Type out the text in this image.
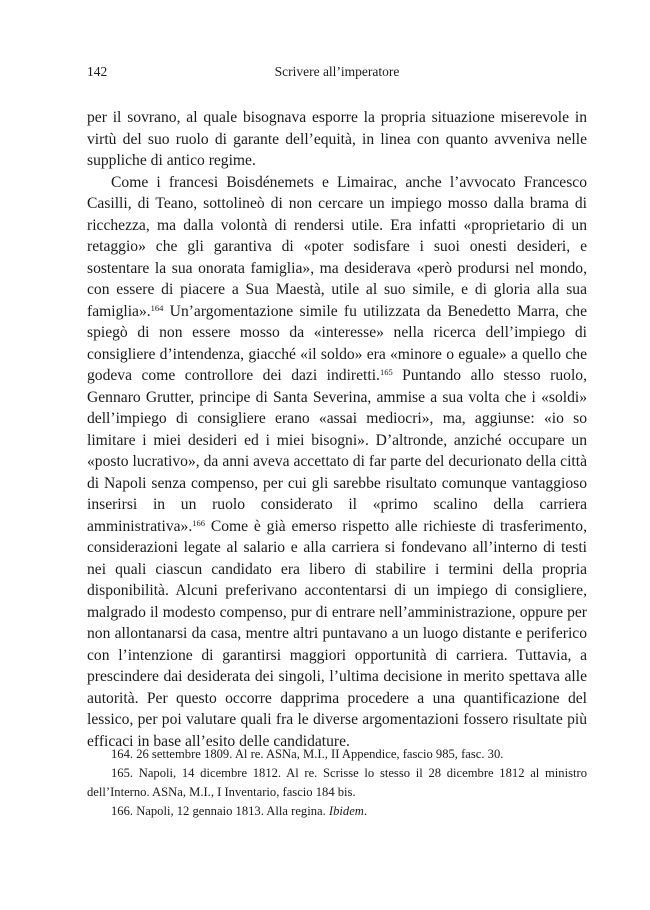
142	Scrivere all’imperatore

per il sovrano, al quale bisognava esporre la propria situazione miserevole in virtù del suo ruolo di garante dell’equità, in linea con quanto avveniva nelle suppliche di antico regime.

Come i francesi Boisdénemets e Limairac, anche l’avvocato Francesco Casilli, di Teano, sottolineò di non cercare un impiego mosso dalla brama di ricchezza, ma dalla volontà di rendersi utile. Era infatti «proprietario di un retaggio» che gli garantiva di «poter sodisfare i suoi onesti desideri, e sostentare la sua onorata famiglia», ma desiderava «però prodursi nel mondo, con essere di piacere a Sua Maestà, utile al suo simile, e di gloria alla sua famiglia».$^{164}$ Un’argomentazione simile fu utilizzata da Benedetto Marra, che spiegò di non essere mosso da «interesse» nella ricerca dell’impiego di consigliere d’intendenza, giacché «il soldo» era «minore o eguale» a quello che godeva come controllore dei dazi indiretti.$^{165}$ Puntando allo stesso ruolo, Gennaro Grutter, principe di Santa Severina, ammise a sua volta che i «soldi» dell’impiego di consigliere erano «assai mediocri», ma, aggiunse: «io so limitare i miei desideri ed i miei bisogni». D’altronde, anziché occupare un «posto lucrativo», da anni aveva accettato di far parte del decurionato della città di Napoli senza compenso, per cui gli sarebbe risultato comunque vantaggioso inserirsi in un ruolo considerato il «primo scalino della carriera amministrativa».$^{166}$ Come è già emerso rispetto alle richieste di trasferimento, considerazioni legate al salario e alla carriera si fondevano all’interno di testi nei quali ciascun candidato era libero di stabilire i termini della propria disponibilità. Alcuni preferivano accontentarsi di un impiego di consigliere, malgrado il modesto compenso, pur di entrare nell’amministrazione, oppure per non allontanarsi da casa, mentre altri puntavano a un luogo distante e periferico con l’intenzione di garantirsi maggiori opportunità di carriera. Tuttavia, a prescindere dai desiderata dei singoli, l’ultima decisione in merito spettava alle autorità. Per questo occorre dapprima procedere a una quantificazione del lessico, per poi valutare quali fra le diverse argomentazioni fossero risultate più efficaci in base all’esito delle candidature.

164. 26 settembre 1809. Al re. ASNa, M.I., II Appendice, fascio 985, fasc. 30.

165. Napoli, 14 dicembre 1812. Al re. Scrisse lo stesso il 28 dicembre 1812 al ministro dell’Interno. ASNa, M.I., I Inventario, fascio 184 bis.

166. Napoli, 12 gennaio 1813. Alla regina. Ibidem.
